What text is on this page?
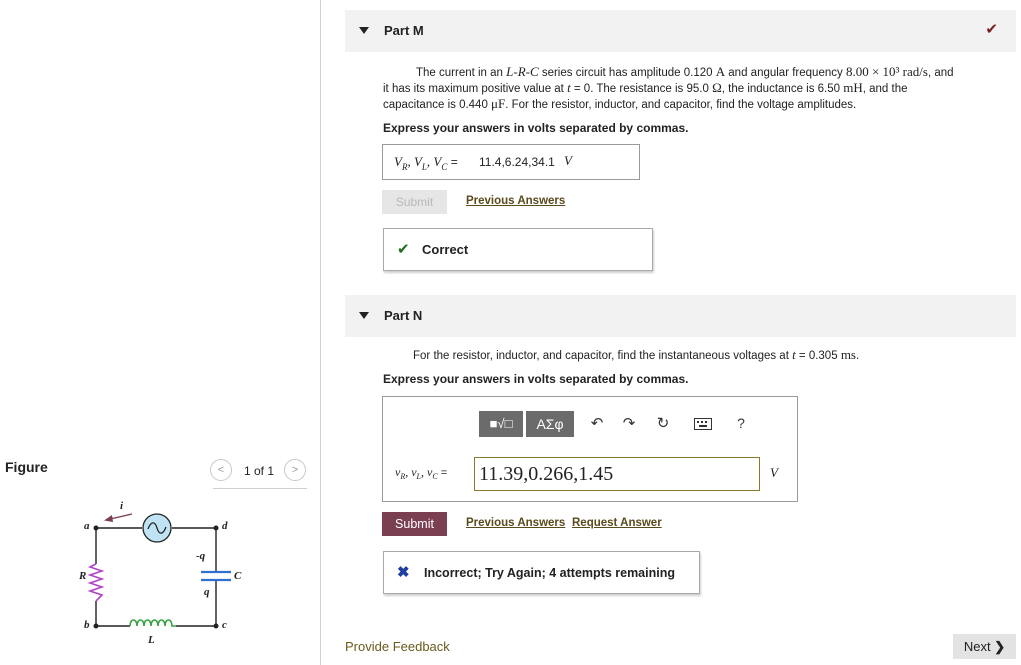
Figure	<	1 of 1	>
a	d
b	c
i
R
L
C
-q
q
Part M	✔
The current in an L-R-C series circuit has amplitude 0.120 A and angular frequency 8.00 × 10³ rad/s, and
it has its maximum positive value at t = 0. The resistance is 95.0 Ω, the inductance is 6.50 mH, and the
capacitance is 0.440 μF. For the resistor, inductor, and capacitor, find the voltage amplitudes.
Express your answers in volts separated by commas.
$V_R$, $V_L$, $V_C = 11.4,6.24,34.1$ V
Submit	Previous Answers
✔ Correct
Part N
For the resistor, inductor, and capacitor, find the instantaneous voltages at t = 0.305 ms.
Express your answers in volts separated by commas.
■√□	ΑΣφ	↶ ↷ ↻	?
$v_R$, $v_L$, $v_C = 11.39,0.266,1.45$	V
Submit	Previous Answers Request Answer
✖ Incorrect; Try Again; 4 attempts remaining
Provide Feedback	Next ❯
